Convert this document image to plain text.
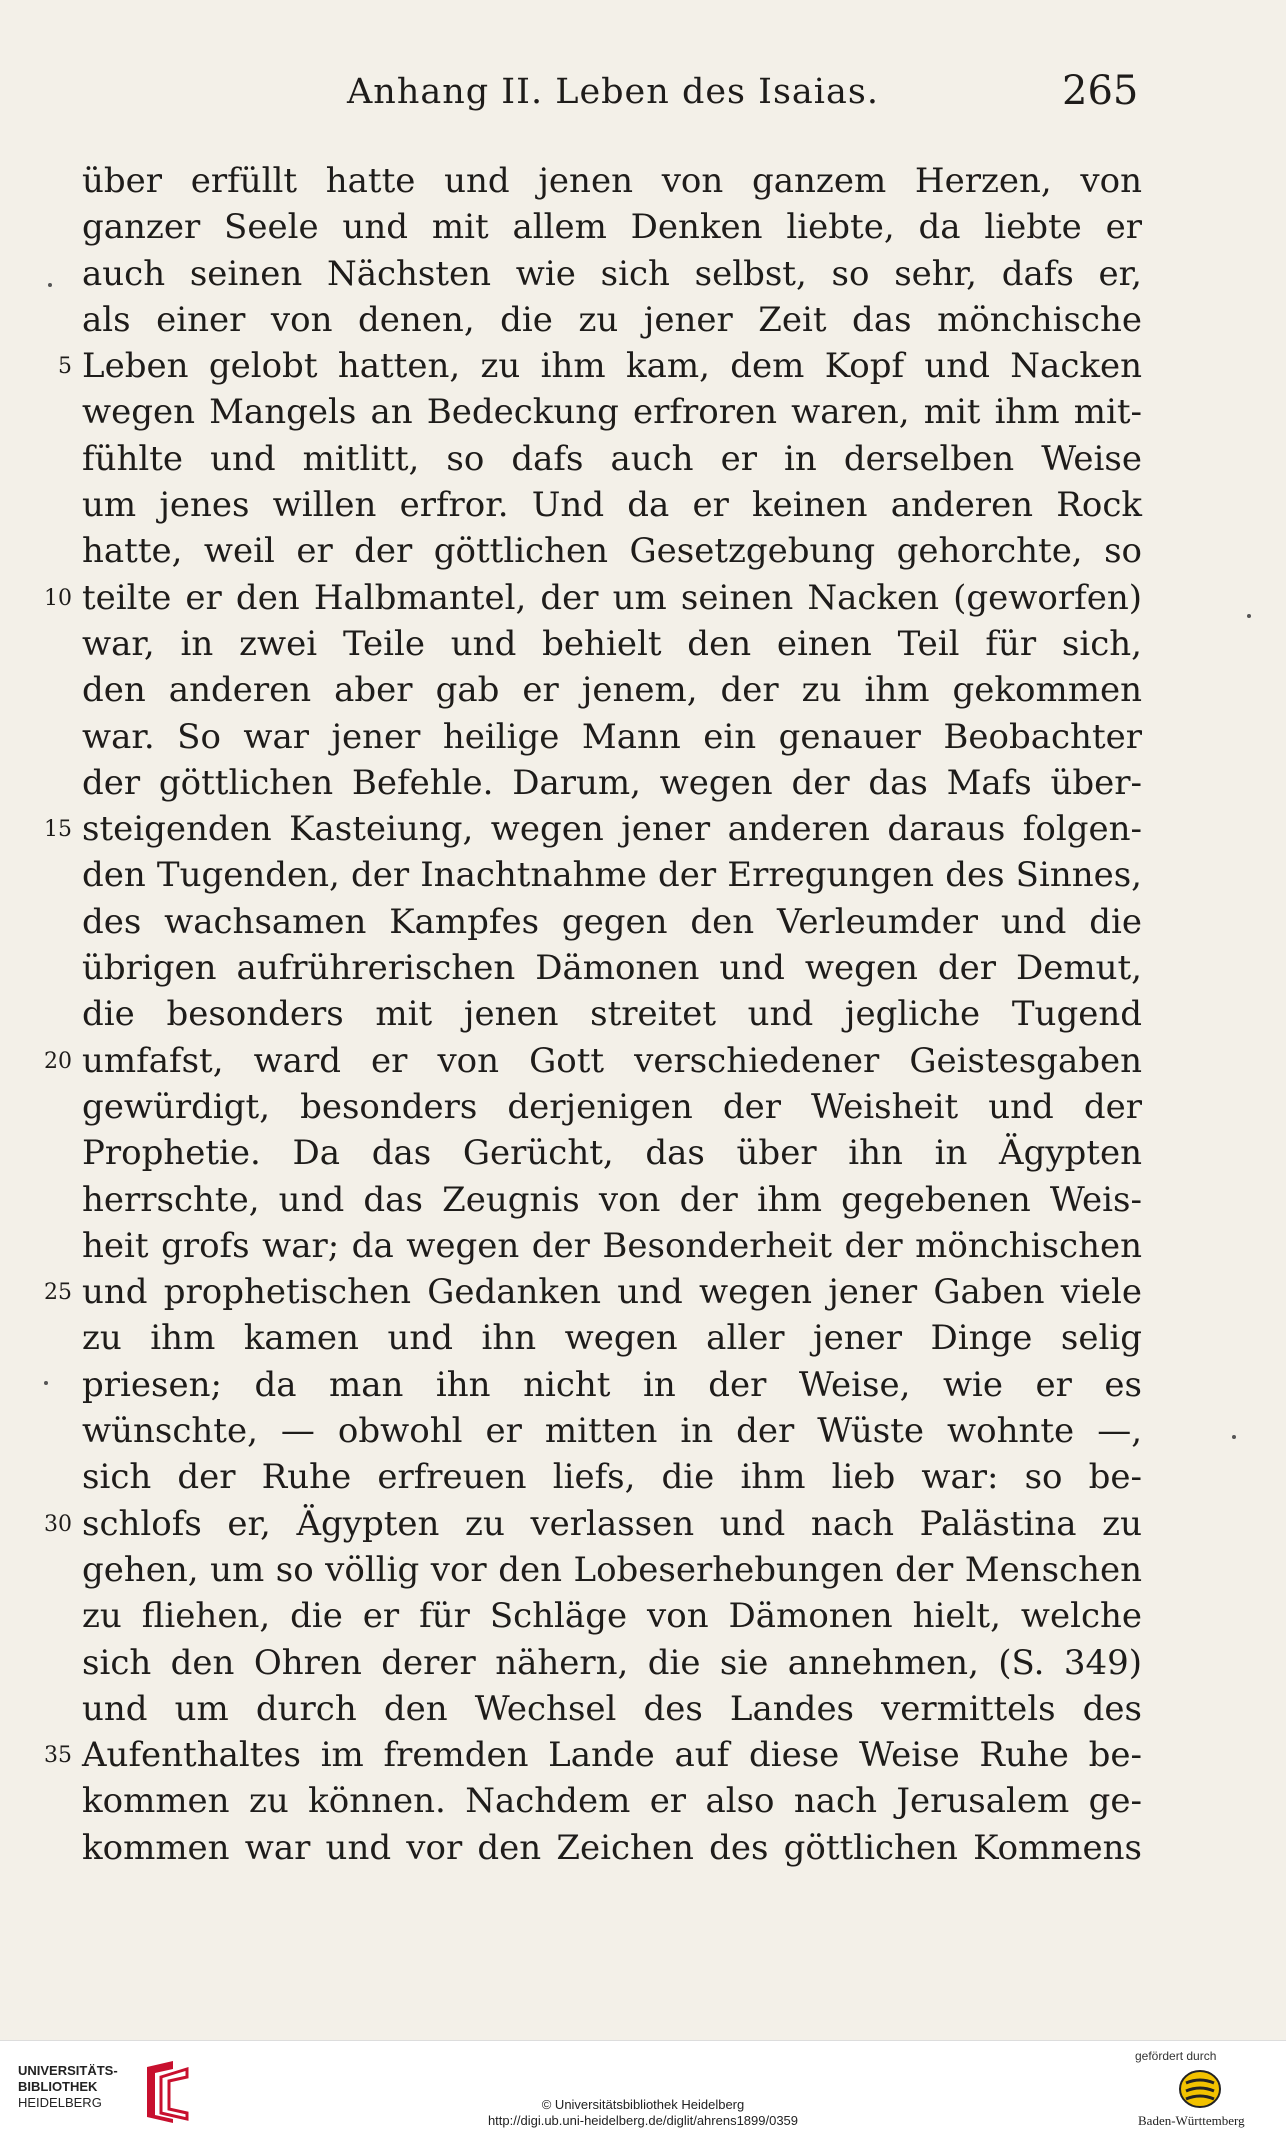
Anhang II. Leben des Isaias.	265
über erfüllt hatte und jenen von ganzem Herzen, von
ganzer Seele und mit allem Denken liebte, da liebte er
auch seinen Nächsten wie sich selbst, so sehr, dafs er,
als einer von denen, die zu jener Zeit das mönchische
5 Leben gelobt hatten, zu ihm kam, dem Kopf und Nacken
wegen Mangels an Bedeckung erfroren waren, mit ihm mit-
fühlte und mitlitt, so dafs auch er in derselben Weise
um jenes willen erfror. Und da er keinen anderen Rock
hatte, weil er der göttlichen Gesetzgebung gehorchte, so
10 teilte er den Halbmantel, der um seinen Nacken (geworfen)
war, in zwei Teile und behielt den einen Teil für sich,
den anderen aber gab er jenem, der zu ihm gekommen
war. So war jener heilige Mann ein genauer Beobachter
der göttlichen Befehle. Darum, wegen der das Mafs über-
15 steigenden Kasteiung, wegen jener anderen daraus folgen-
den Tugenden, der Inachtnahme der Erregungen des Sinnes,
des wachsamen Kampfes gegen den Verleumder und die
übrigen aufrührerischen Dämonen und wegen der Demut,
die besonders mit jenen streitet und jegliche Tugend
20 umfafst, ward er von Gott verschiedener Geistesgaben
gewürdigt, besonders derjenigen der Weisheit und der
Prophetie. Da das Gerücht, das über ihn in Ägypten
herrschte, und das Zeugnis von der ihm gegebenen Weis-
heit grofs war; da wegen der Besonderheit der mönchischen
25 und prophetischen Gedanken und wegen jener Gaben viele
zu ihm kamen und ihn wegen aller jener Dinge selig
priesen; da man ihn nicht in der Weise, wie er es
wünschte, — obwohl er mitten in der Wüste wohnte —,
sich der Ruhe erfreuen liefs, die ihm lieb war: so be-
30 schlofs er, Ägypten zu verlassen und nach Palästina zu
gehen, um so völlig vor den Lobeserhebungen der Menschen
zu fliehen, die er für Schläge von Dämonen hielt, welche
sich den Ohren derer nähern, die sie annehmen, (S. 349)
und um durch den Wechsel des Landes vermittels des
35 Aufenthaltes im fremden Lande auf diese Weise Ruhe be-
kommen zu können. Nachdem er also nach Jerusalem ge-
kommen war und vor den Zeichen des göttlichen Kommens
UNIVERSITÄTS-
BIBLIOTHEK
HEIDELBERG	© Universitätsbibliothek Heidelberg
http://digi.ub.uni-heidelberg.de/diglit/ahrens1899/0359
gefördert durch
Baden-Württemberg
